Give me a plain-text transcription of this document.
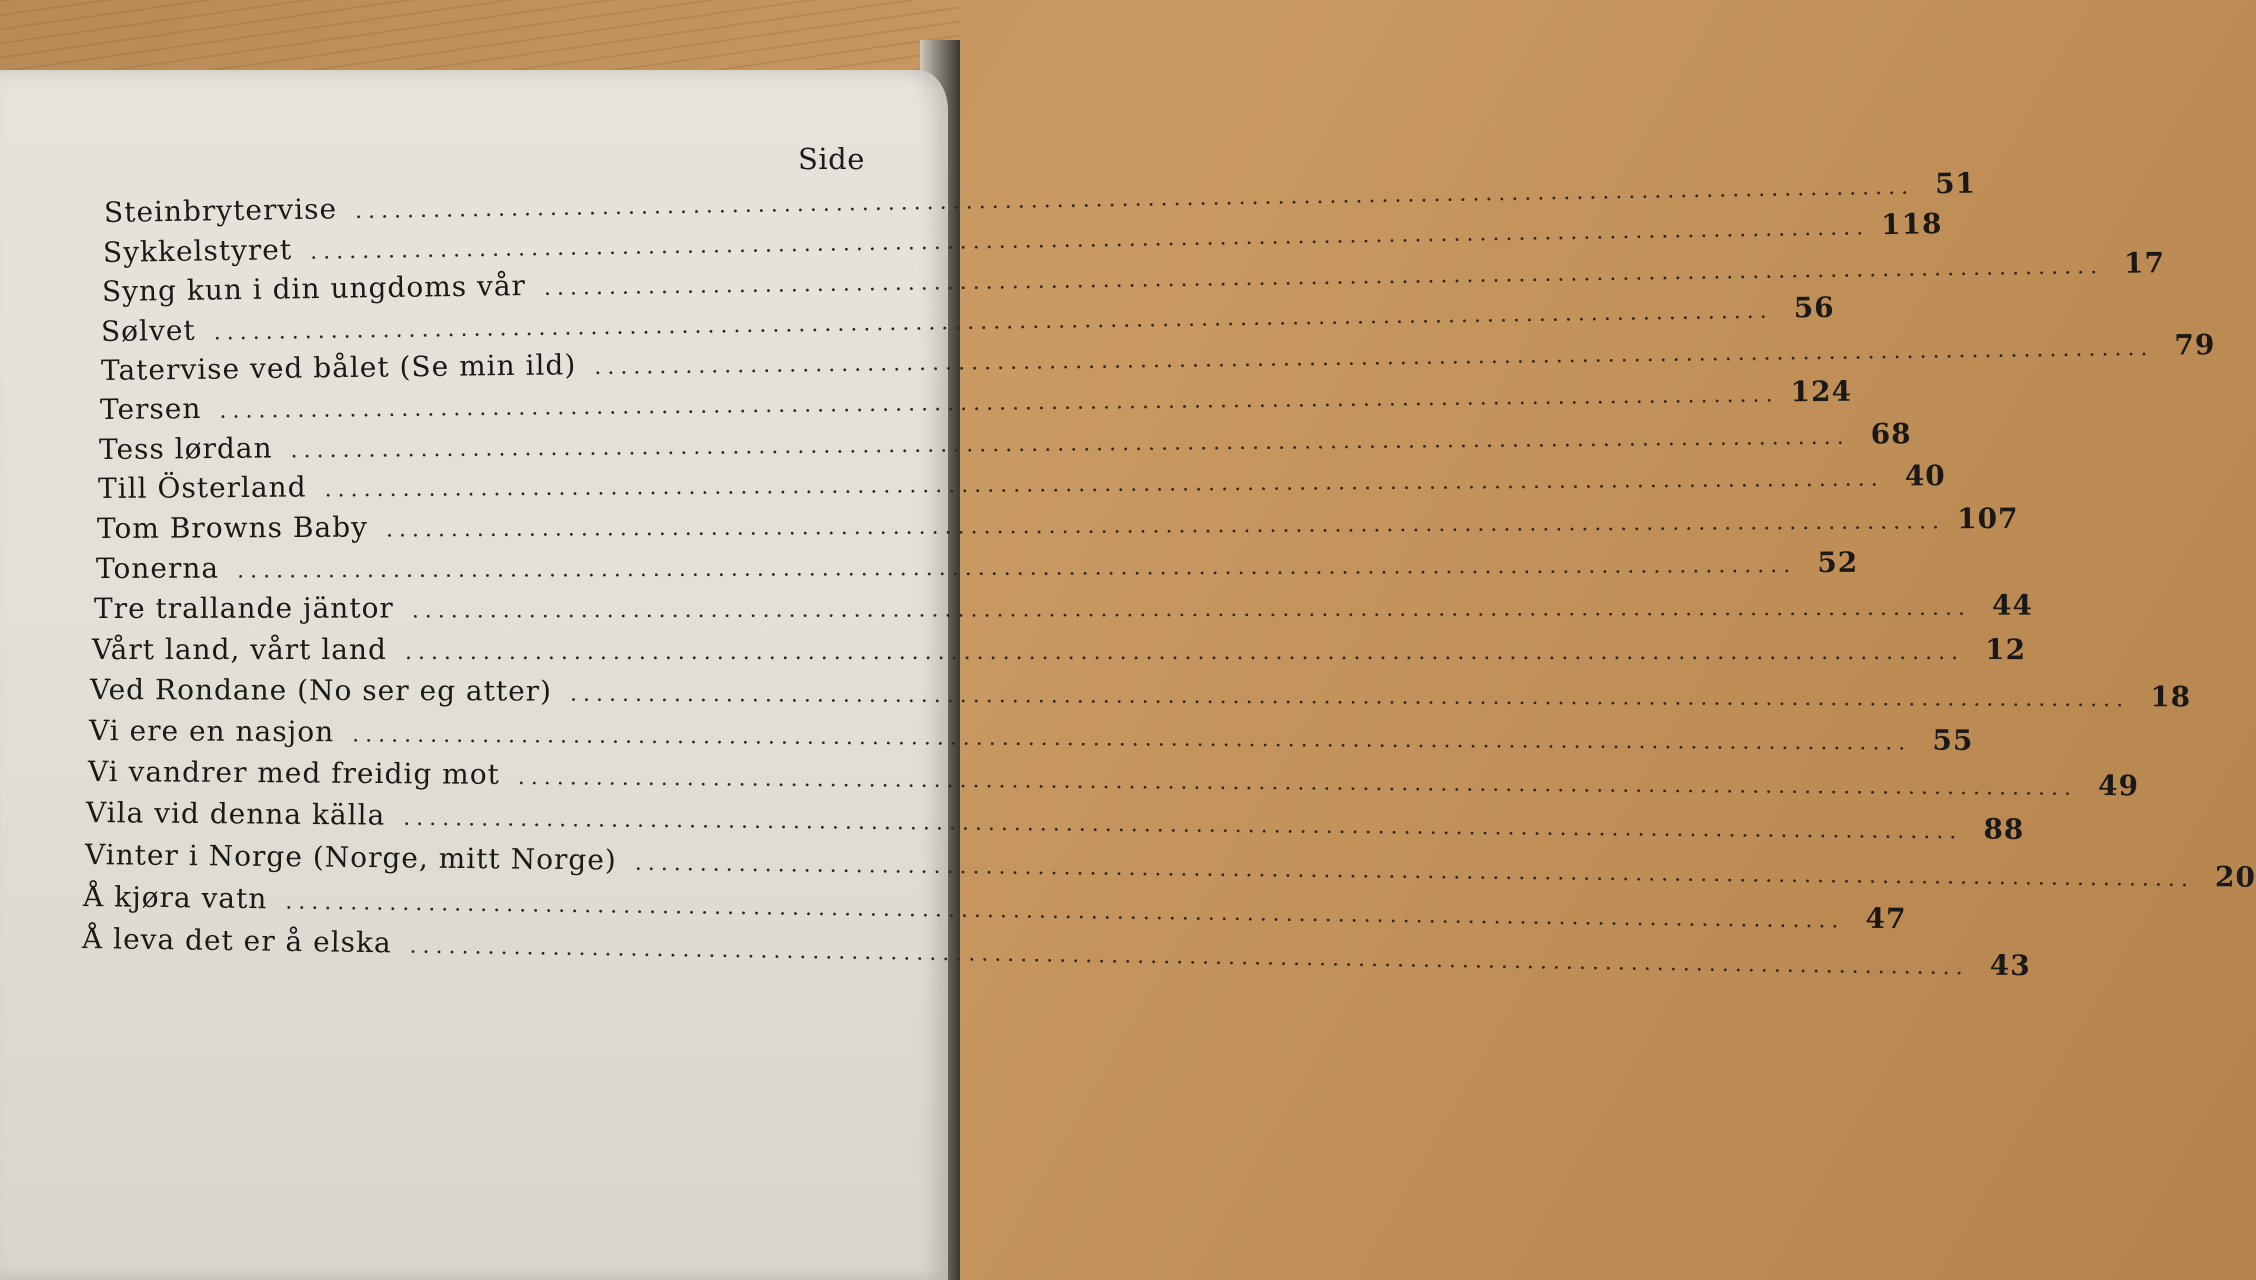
Side
Steinbrytervise ........................................................................................................................ 51
Sykkelstyret ........................................................................................................................ 118
Syng kun i din ungdoms vår ........................................................................................................................ 17
Sølvet ........................................................................................................................ 56
Tatervise ved bålet (Se min ild) ........................................................................................................................ 79
Tersen ........................................................................................................................ 124
Tess lørdan ........................................................................................................................ 68
Till Österland ........................................................................................................................ 40
Tom Browns Baby ........................................................................................................................ 107
Tonerna ........................................................................................................................ 52
Tre trallande jäntor ........................................................................................................................ 44
Vårt land, vårt land ........................................................................................................................ 12
Ved Rondane (No ser eg atter) ........................................................................................................................ 18
Vi ere en nasjon ........................................................................................................................ 55
Vi vandrer med freidig mot ........................................................................................................................ 49
Vila vid denna källa ........................................................................................................................ 88
Vinter i Norge (Norge, mitt Norge) ........................................................................................................................ 20
Å kjøra vatn ........................................................................................................................ 47
Å leva det er å elska ........................................................................................................................ 43
